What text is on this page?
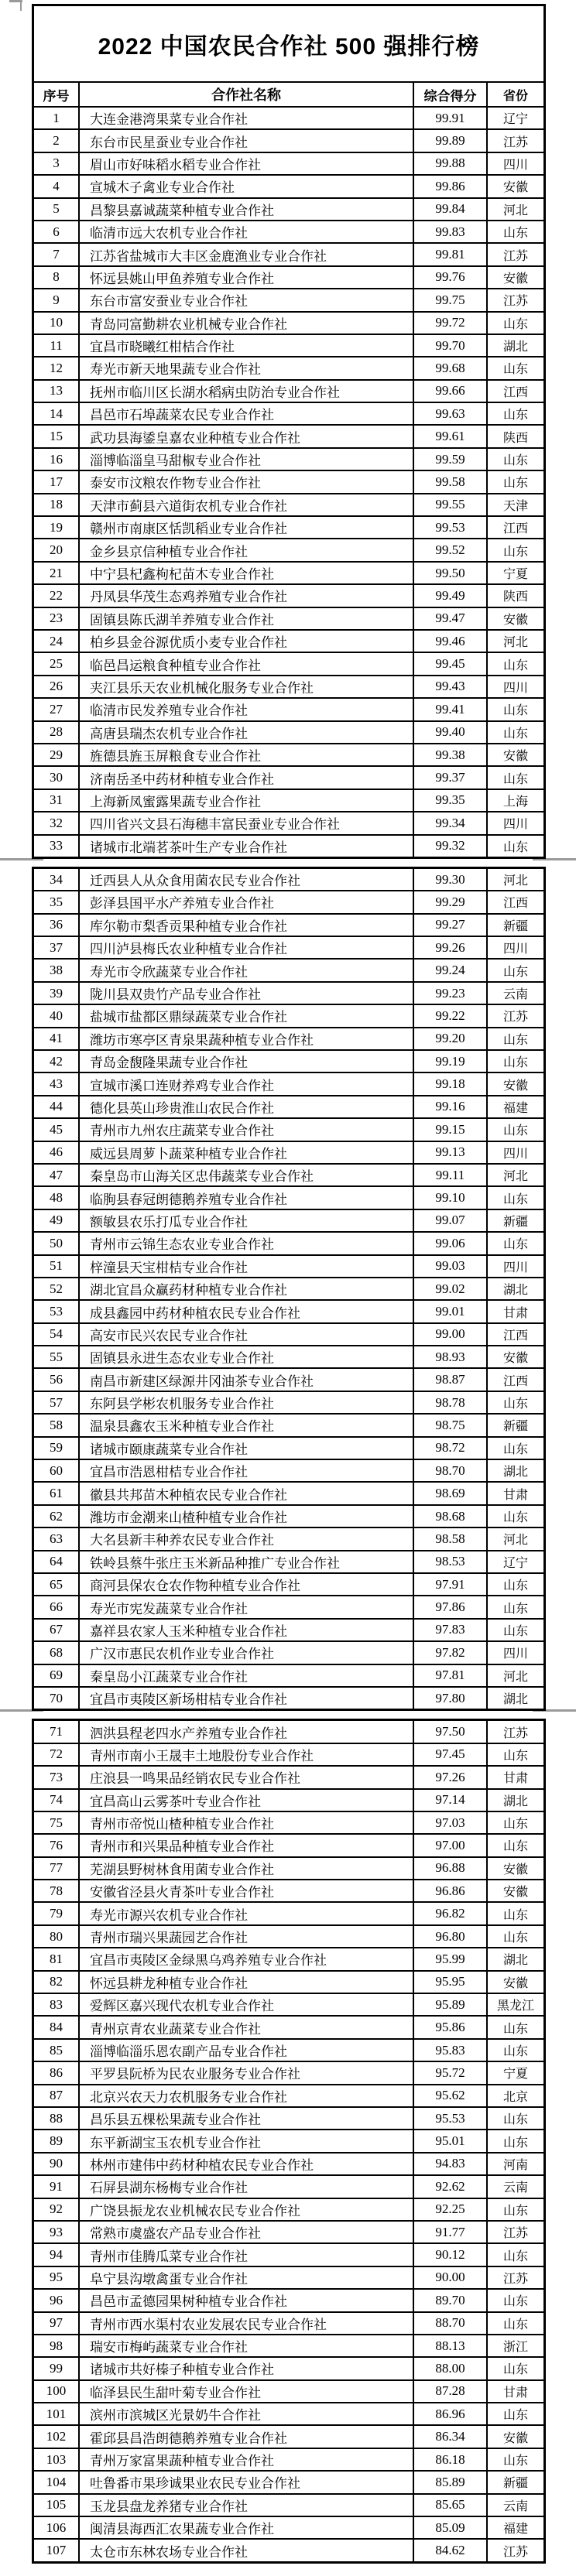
2022 中国农民合作社 500 强排行榜
序号	合作社名称	综合得分	省份
1	大连金港湾果菜专业合作社	99.91	辽宁
2	东台市民星蚕业专业合作社	99.89	江苏
3	眉山市好味稻水稻专业合作社	99.88	四川
4	宣城木子禽业专业合作社	99.86	安徽
5	昌黎县嘉诚蔬菜种植专业合作社	99.84	河北
6	临清市远大农机专业合作社	99.83	山东
7	江苏省盐城市大丰区金鹿渔业专业合作社	99.81	江苏
8	怀远县姚山甲鱼养殖专业合作社	99.76	安徽
9	东台市富安蚕业专业合作社	99.75	江苏
10	青岛同富勤耕农业机械专业合作社	99.72	山东
11	宜昌市晓曦红柑桔合作社	99.70	湖北
12	寿光市新天地果蔬专业合作社	99.68	山东
13	抚州市临川区长湖水稻病虫防治专业合作社	99.66	江西
14	昌邑市石埠蔬菜农民专业合作社	99.63	山东
15	武功县海鋈皇嘉农业种植专业合作社	99.61	陕西
16	淄博临淄皇马甜椒专业合作社	99.59	山东
17	泰安市汶粮农作物专业合作社	99.58	山东
18	天津市蓟县六道街农机专业合作社	99.55	天津
19	赣州市南康区恬凯稻业专业合作社	99.53	江西
20	金乡县京信种植专业合作社	99.52	山东
21	中宁县杞鑫枸杞苗木专业合作社	99.50	宁夏
22	丹凤县华茂生态鸡养殖专业合作社	99.49	陕西
23	固镇县陈氏湖羊养殖专业合作社	99.47	安徽
24	柏乡县金谷源优质小麦专业合作社	99.46	河北
25	临邑昌运粮食种植专业合作社	99.45	山东
26	夹江县乐天农业机械化服务专业合作社	99.43	四川
27	临清市民发养殖专业合作社	99.41	山东
28	高唐县瑞杰农机专业合作社	99.40	山东
29	旌德县旌玉屏粮食专业合作社	99.38	安徽
30	济南岳圣中药材种植专业合作社	99.37	山东
31	上海新凤蜜露果蔬专业合作社	99.35	上海
32	四川省兴文县石海穗丰富民蚕业专业合作社	99.34	四川
33	诸城市北端茗茶叶生产专业合作社	99.32	山东
34	迁西县人从众食用菌农民专业合作社	99.30	河北
35	彭泽县国平水产养殖专业合作社	99.29	江西
36	库尔勒市梨香贡果种植专业合作社	99.27	新疆
37	四川泸县梅氏农业种植专业合作社	99.26	四川
38	寿光市令欣蔬菜专业合作社	99.24	山东
39	陇川县双贵竹产品专业合作社	99.23	云南
40	盐城市盐都区鼎绿蔬菜专业合作社	99.22	江苏
41	潍坊市寒亭区青泉果蔬种植专业合作社	99.20	山东
42	青岛金馥隆果蔬专业合作社	99.19	山东
43	宣城市溪口连财养鸡专业合作社	99.18	安徽
44	德化县英山珍贵淮山农民合作社	99.16	福建
45	青州市九州农庄蔬菜专业合作社	99.15	山东
46	威远县周萝卜蔬菜种植专业合作社	99.13	四川
47	秦皇岛市山海关区忠伟蔬菜专业合作社	99.11	河北
48	临朐县春冠朗德鹅养殖专业合作社	99.10	山东
49	额敏县农乐打瓜专业合作社	99.07	新疆
50	青州市云锦生态农业专业合作社	99.06	山东
51	梓潼县天宝柑桔专业合作社	99.03	四川
52	湖北宜昌众赢药材种植专业合作社	99.02	湖北
53	成县鑫园中药材种植农民专业合作社	99.01	甘肃
54	高安市民兴农民专业合作社	99.00	江西
55	固镇县永进生态农业专业合作社	98.93	安徽
56	南昌市新建区绿源井冈油茶专业合作社	98.87	江西
57	东阿县学彬农机服务专业合作社	98.78	山东
58	温泉县鑫农玉米种植专业合作社	98.75	新疆
59	诸城市颐康蔬菜专业合作社	98.72	山东
60	宜昌市浩恩柑桔专业合作社	98.70	湖北
61	徽县共邦苗木种植农民专业合作社	98.69	甘肃
62	潍坊市金潮来山楂种植专业合作社	98.68	山东
63	大名县新丰种养农民专业合作社	98.58	河北
64	铁岭县蔡牛张庄玉米新品种推广专业合作社	98.53	辽宁
65	商河县保农仓农作物种植专业合作社	97.91	山东
66	寿光市宪发蔬菜专业合作社	97.86	山东
67	嘉祥县农家人玉米种植专业合作社	97.83	山东
68	广汉市惠民农机作业专业合作社	97.82	四川
69	秦皇岛小江蔬菜专业合作社	97.81	河北
70	宜昌市夷陵区新场柑桔专业合作社	97.80	湖北
71	泗洪县程老四水产养殖专业合作社	97.50	江苏
72	青州市南小王晟丰土地股份专业合作社	97.45	山东
73	庄浪县一鸣果品经销农民专业合作社	97.26	甘肃
74	宜昌高山云雾茶叶专业合作社	97.14	湖北
75	青州市帝悦山楂种植专业合作社	97.03	山东
76	青州市和兴果品种植专业合作社	97.00	山东
77	芜湖县野树林食用菌专业合作社	96.88	安徽
78	安徽省泾县火青茶叶专业合作社	96.86	安徽
79	寿光市源兴农机专业合作社	96.82	山东
80	青州市瑞兴果蔬园艺合作社	96.80	山东
81	宜昌市夷陵区金绿黑乌鸡养殖专业合作社	95.99	湖北
82	怀远县耕龙种植专业合作社	95.95	安徽
83	爱辉区嘉兴现代农机专业合作社	95.89	黑龙江
84	青州京青农业蔬菜专业合作社	95.86	山东
85	淄博临淄乐恩农副产品专业合作社	95.83	山东
86	平罗县阮桥为民农业服务专业合作社	95.72	宁夏
87	北京兴农天力农机服务专业合作社	95.62	北京
88	昌乐县五棵松果蔬专业合作社	95.53	山东
89	东平新湖宝玉农机专业合作社	95.01	山东
90	林州市建伟中药材种植农民专业合作社	94.83	河南
91	石屏县湖东杨梅专业合作社	92.62	云南
92	广饶县振龙农业机械农民专业合作社	92.25	山东
93	常熟市虞盛农产品专业合作社	91.77	江苏
94	青州市佳腾瓜菜专业合作社	90.12	山东
95	阜宁县沟墩禽蛋专业合作社	90.00	江苏
96	昌邑市孟德园果树种植专业合作社	89.70	山东
97	青州市西水渠村农业发展农民专业合作社	88.70	山东
98	瑞安市梅屿蔬菜专业合作社	88.13	浙江
99	诸城市共好榛子种植专业合作社	88.00	山东
100	临泽县民生甜叶菊专业合作社	87.28	甘肃
101	滨州市滨城区光景奶牛合作社	86.96	山东
102	霍邱县昌浩朗德鹅养殖专业合作社	86.34	安徽
103	青州万家富果蔬种植专业合作社	86.18	山东
104	吐鲁番市果珍诚果业农民专业合作社	85.89	新疆
105	玉龙县盘龙养猪专业合作社	85.65	云南
106	闽清县海西汇农果蔬专业合作社	85.09	福建
107	太仓市东林农场专业合作社	84.62	江苏
